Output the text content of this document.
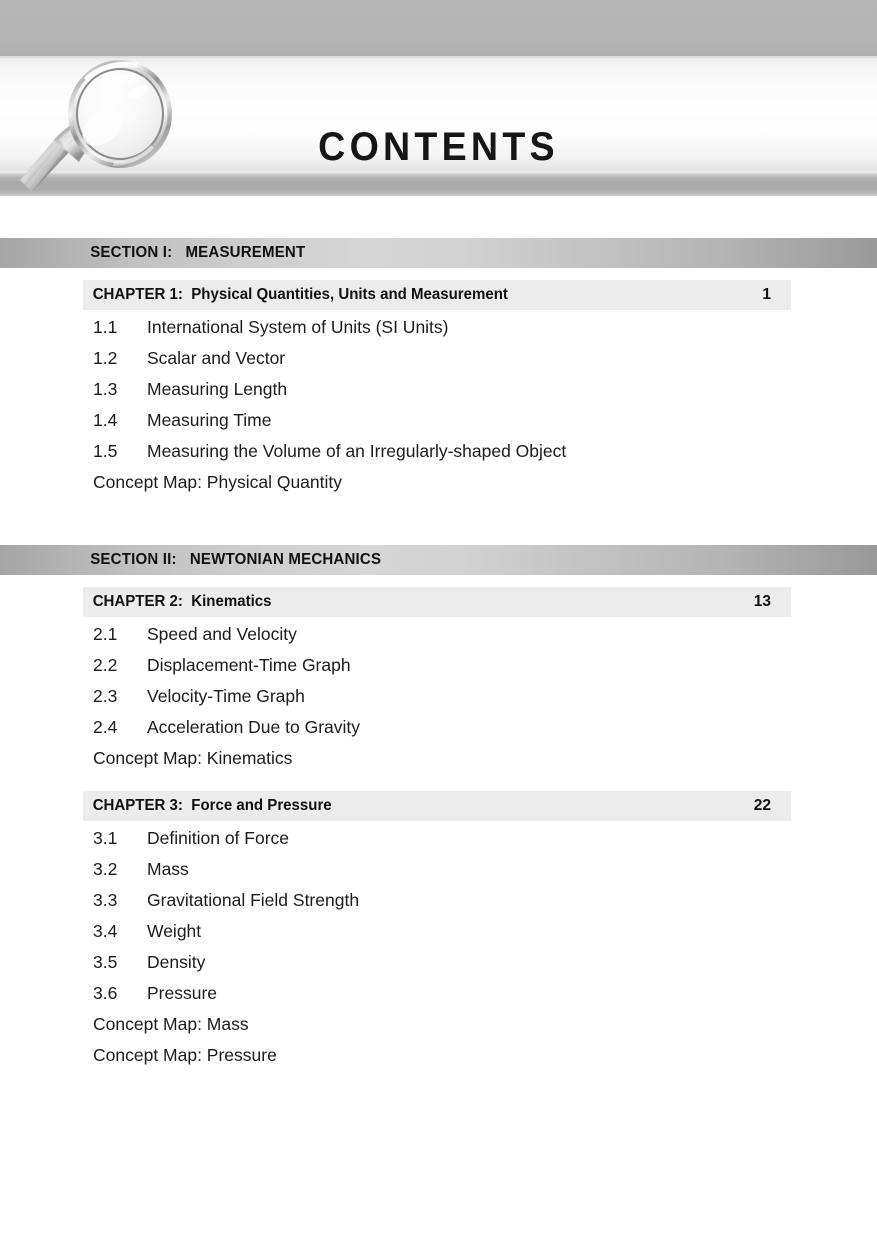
CONTENTS
SECTION I:   MEASUREMENT
CHAPTER 1:  Physical Quantities, Units and Measurement	1
1.1	International System of Units (SI Units)
1.2	Scalar and Vector
1.3	Measuring Length
1.4	Measuring Time
1.5	Measuring the Volume of an Irregularly-shaped Object
Concept Map: Physical Quantity
SECTION II:   NEWTONIAN MECHANICS
CHAPTER 2:  Kinematics	13
2.1	Speed and Velocity
2.2	Displacement-Time Graph
2.3	Velocity-Time Graph
2.4	Acceleration Due to Gravity
Concept Map: Kinematics
CHAPTER 3:  Force and Pressure	22
3.1	Definition of Force
3.2	Mass
3.3	Gravitational Field Strength
3.4	Weight
3.5	Density
3.6	Pressure
Concept Map: Mass
Concept Map: Pressure
